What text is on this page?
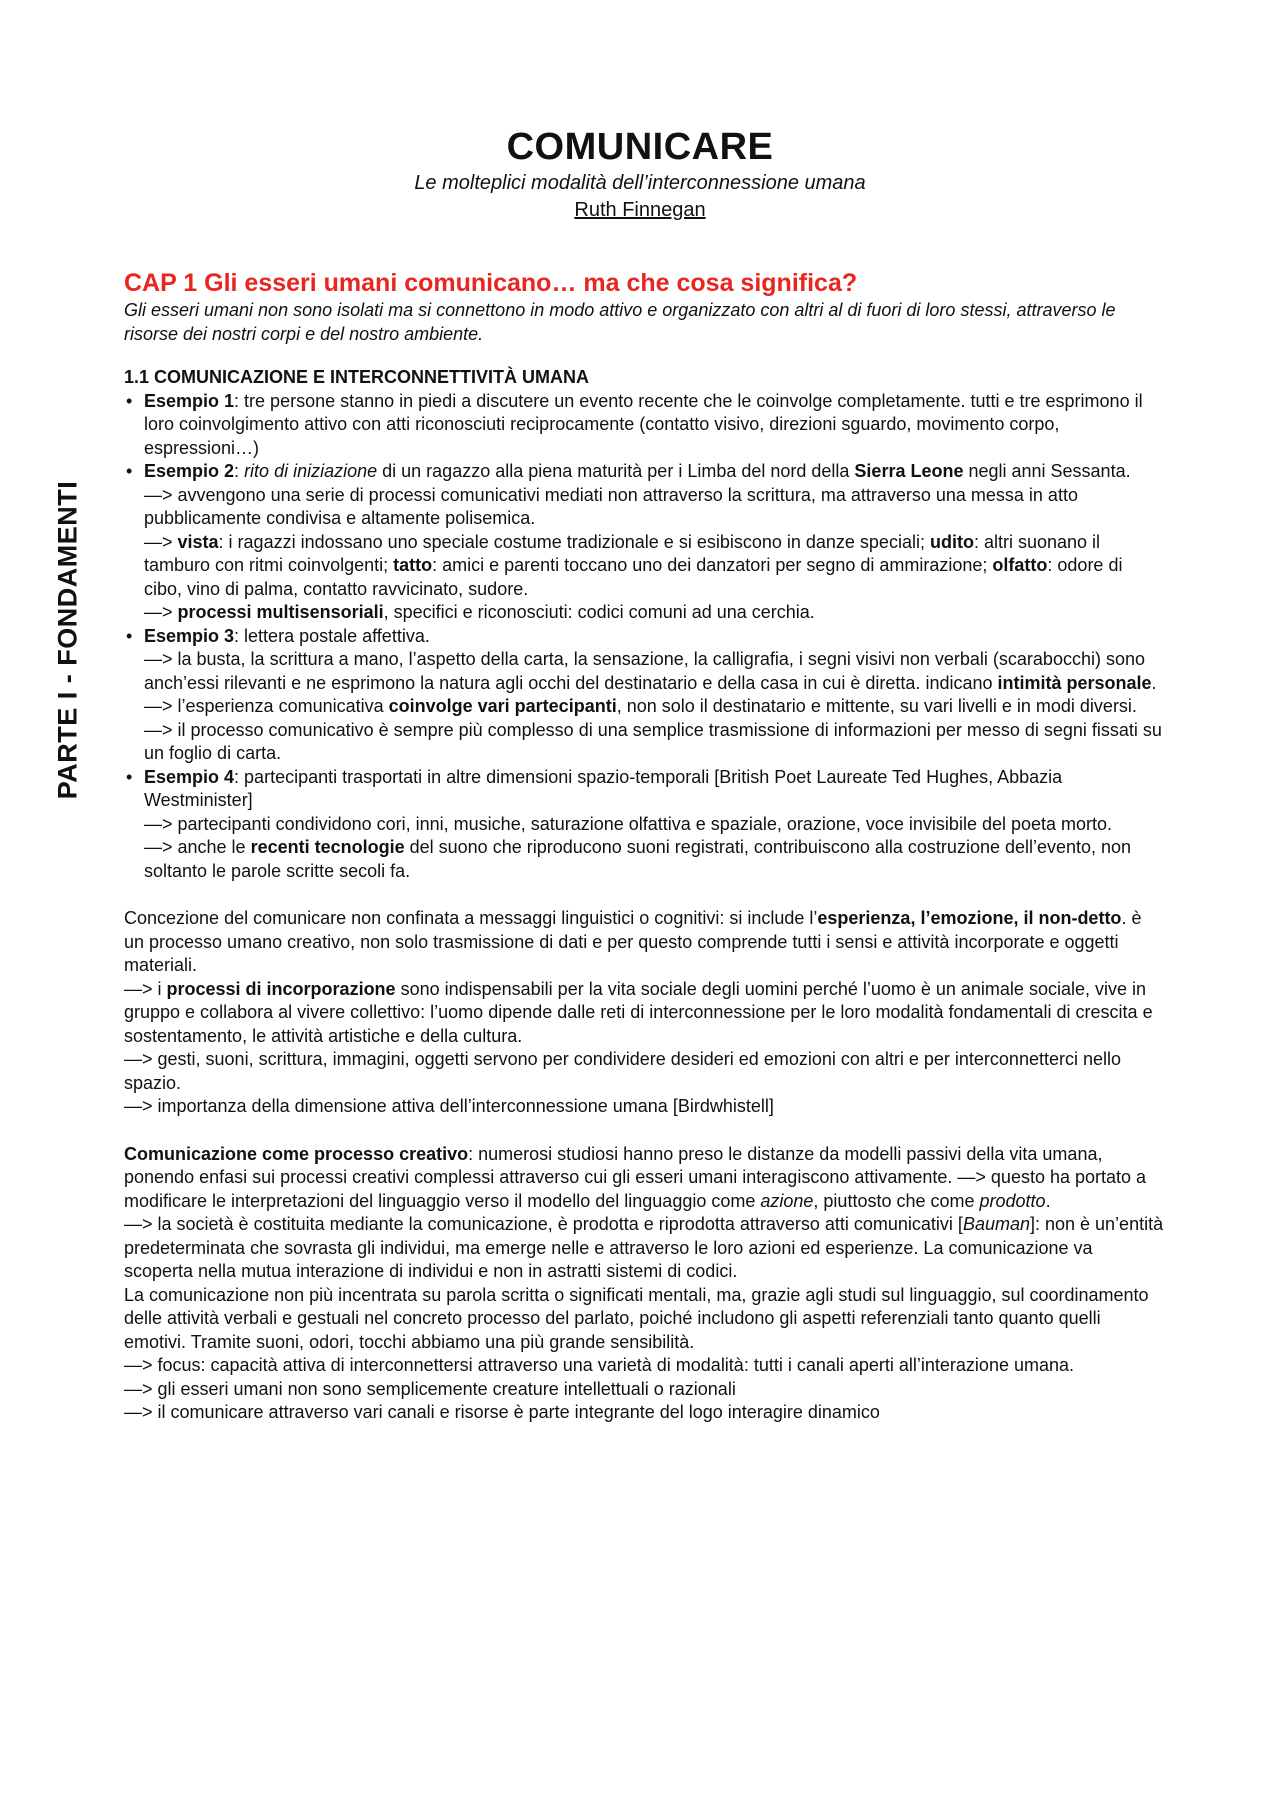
PARTE I - FONDAMENTI

COMUNICARE

Le molteplici modalità dell’interconnessione umana

Ruth Finnegan

CAP 1 Gli esseri umani comunicano… ma che cosa significa?

Gli esseri umani non sono isolati ma si connettono in modo attivo e organizzato con altri al di fuori di loro stessi, attraverso le risorse dei nostri corpi e del nostro ambiente.

1.1 COMUNICAZIONE E INTERCONNETTIVITÀ UMANA

• Esempio 1: tre persone stanno in piedi a discutere un evento recente che le coinvolge completamente. tutti e tre esprimono il loro coinvolgimento attivo con atti riconosciuti reciprocamente (contatto visivo, direzioni sguardo, movimento corpo, espressioni…)

• Esempio 2: rito di iniziazione di un ragazzo alla piena maturità per i Limba del nord della Sierra Leone negli anni Sessanta.

—> avvengono una serie di processi comunicativi mediati non attraverso la scrittura, ma attraverso una messa in atto pubblicamente condivisa e altamente polisemica.

—> vista: i ragazzi indossano uno speciale costume tradizionale e si esibiscono in danze speciali; udito: altri suonano il tamburo con ritmi coinvolgenti; tatto: amici e parenti toccano uno dei danzatori per segno di ammirazione; olfatto: odore di cibo, vino di palma, contatto ravvicinato, sudore.

—> processi multisensoriali, specifici e riconosciuti: codici comuni ad una cerchia.

• Esempio 3: lettera postale affettiva.

—> la busta, la scrittura a mano, l’aspetto della carta, la sensazione, la calligrafia, i segni visivi non verbali (scarabocchi) sono anch’essi rilevanti e ne esprimono la natura agli occhi del destinatario e della casa in cui è diretta. indicano intimità personale.

—> l’esperienza comunicativa coinvolge vari partecipanti, non solo il destinatario e mittente, su vari livelli e in modi diversi.

—> il processo comunicativo è sempre più complesso di una semplice trasmissione di informazioni per messo di segni fissati su un foglio di carta.

• Esempio 4: partecipanti trasportati in altre dimensioni spazio-temporali [British Poet Laureate Ted Hughes, Abbazia Westminister]

—> partecipanti condividono cori, inni, musiche, saturazione olfattiva e spaziale, orazione, voce invisibile del poeta morto.

—> anche le recenti tecnologie del suono che riproducono suoni registrati, contribuiscono alla costruzione dell’evento, non soltanto le parole scritte secoli fa.

Concezione del comunicare non confinata a messaggi linguistici o cognitivi: si include l’esperienza, l’emozione, il non-detto. è un processo umano creativo, non solo trasmissione di dati e per questo comprende tutti i sensi e attività incorporate e oggetti materiali.

—> i processi di incorporazione sono indispensabili per la vita sociale degli uomini perché l’uomo è un animale sociale, vive in gruppo e collabora al vivere collettivo: l’uomo dipende dalle reti di interconnessione per le loro modalità fondamentali di crescita e sostentamento, le attività artistiche e della cultura.

—> gesti, suoni, scrittura, immagini, oggetti servono per condividere desideri ed emozioni con altri e per interconnetterci nello spazio.

—> importanza della dimensione attiva dell’interconnessione umana [Birdwhistell]

Comunicazione come processo creativo: numerosi studiosi hanno preso le distanze da modelli passivi della vita umana, ponendo enfasi sui processi creativi complessi attraverso cui gli esseri umani interagiscono attivamente. —> questo ha portato a modificare le interpretazioni del linguaggio verso il modello del linguaggio come azione, piuttosto che come prodotto.

—> la società è costituita mediante la comunicazione, è prodotta e riprodotta attraverso atti comunicativi [Bauman]: non è un’entità predeterminata che sovrasta gli individui, ma emerge nelle e attraverso le loro azioni ed esperienze. La comunicazione va scoperta nella mutua interazione di individui e non in astratti sistemi di codici.

La comunicazione non più incentrata su parola scritta o significati mentali, ma, grazie agli studi sul linguaggio, sul coordinamento delle attività verbali e gestuali nel concreto processo del parlato, poiché includono gli aspetti referenziali tanto quanto quelli emotivi. Tramite suoni, odori, tocchi abbiamo una più grande sensibilità.

—> focus: capacità attiva di interconnettersi attraverso una varietà di modalità: tutti i canali aperti all’interazione umana.

—> gli esseri umani non sono semplicemente creature intellettuali o razionali

—> il comunicare attraverso vari canali e risorse è parte integrante del logo interagire dinamico
